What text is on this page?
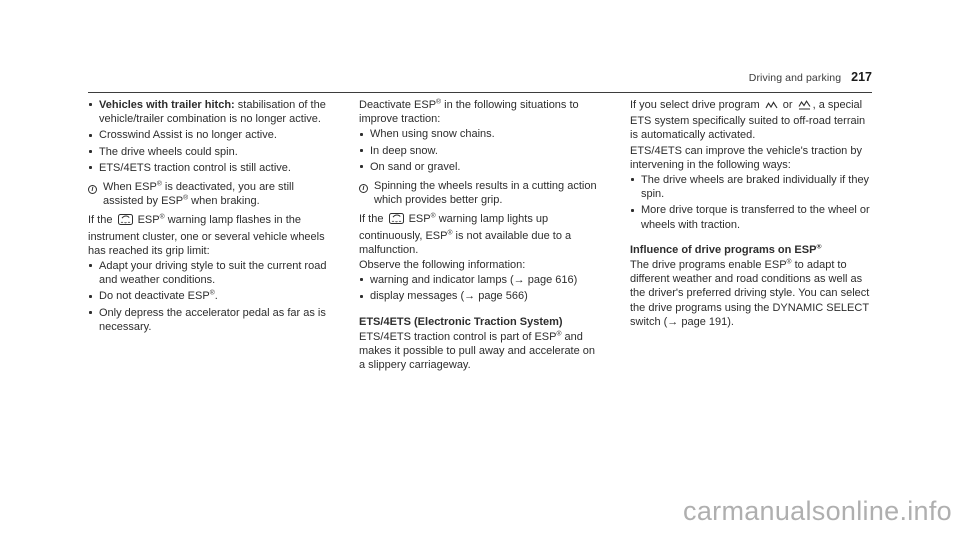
Driving and parking 217

Vehicles with trailer hitch: stabilisation of the vehicle/trailer combination is no longer active.

Crosswind Assist is no longer active.

The drive wheels could spin.

ETS/4ETS traction control is still active.

i When ESP® is deactivated, you are still assisted by ESP® when braking.

If the ESP® warning lamp flashes in the instrument cluster, one or several vehicle wheels has reached its grip limit:

Adapt your driving style to suit the current road and weather conditions.

Do not deactivate ESP®.

Only depress the accelerator pedal as far as is necessary.

Deactivate ESP® in the following situations to improve traction:

When using snow chains.

In deep snow.

On sand or gravel.

i Spinning the wheels results in a cutting action which provides better grip.

If the ESP® warning lamp lights up continuously, ESP® is not available due to a malfunction.

Observe the following information:

warning and indicator lamps (→ page 616)

display messages (→ page 566)

ETS/4ETS (Electronic Traction System)

ETS/4ETS traction control is part of ESP® and makes it possible to pull away and accelerate on a slippery carriageway.

If you select drive program or , a special ETS system specifically suited to off-road terrain is automatically activated.

ETS/4ETS can improve the vehicle's traction by intervening in the following ways:

The drive wheels are braked individually if they spin.

More drive torque is transferred to the wheel or wheels with traction.

Influence of drive programs on ESP®

The drive programs enable ESP® to adapt to different weather and road conditions as well as the driver's preferred driving style. You can select the drive programs using the DYNAMIC SELECT switch (→ page 191).

carmanualsonline.info
